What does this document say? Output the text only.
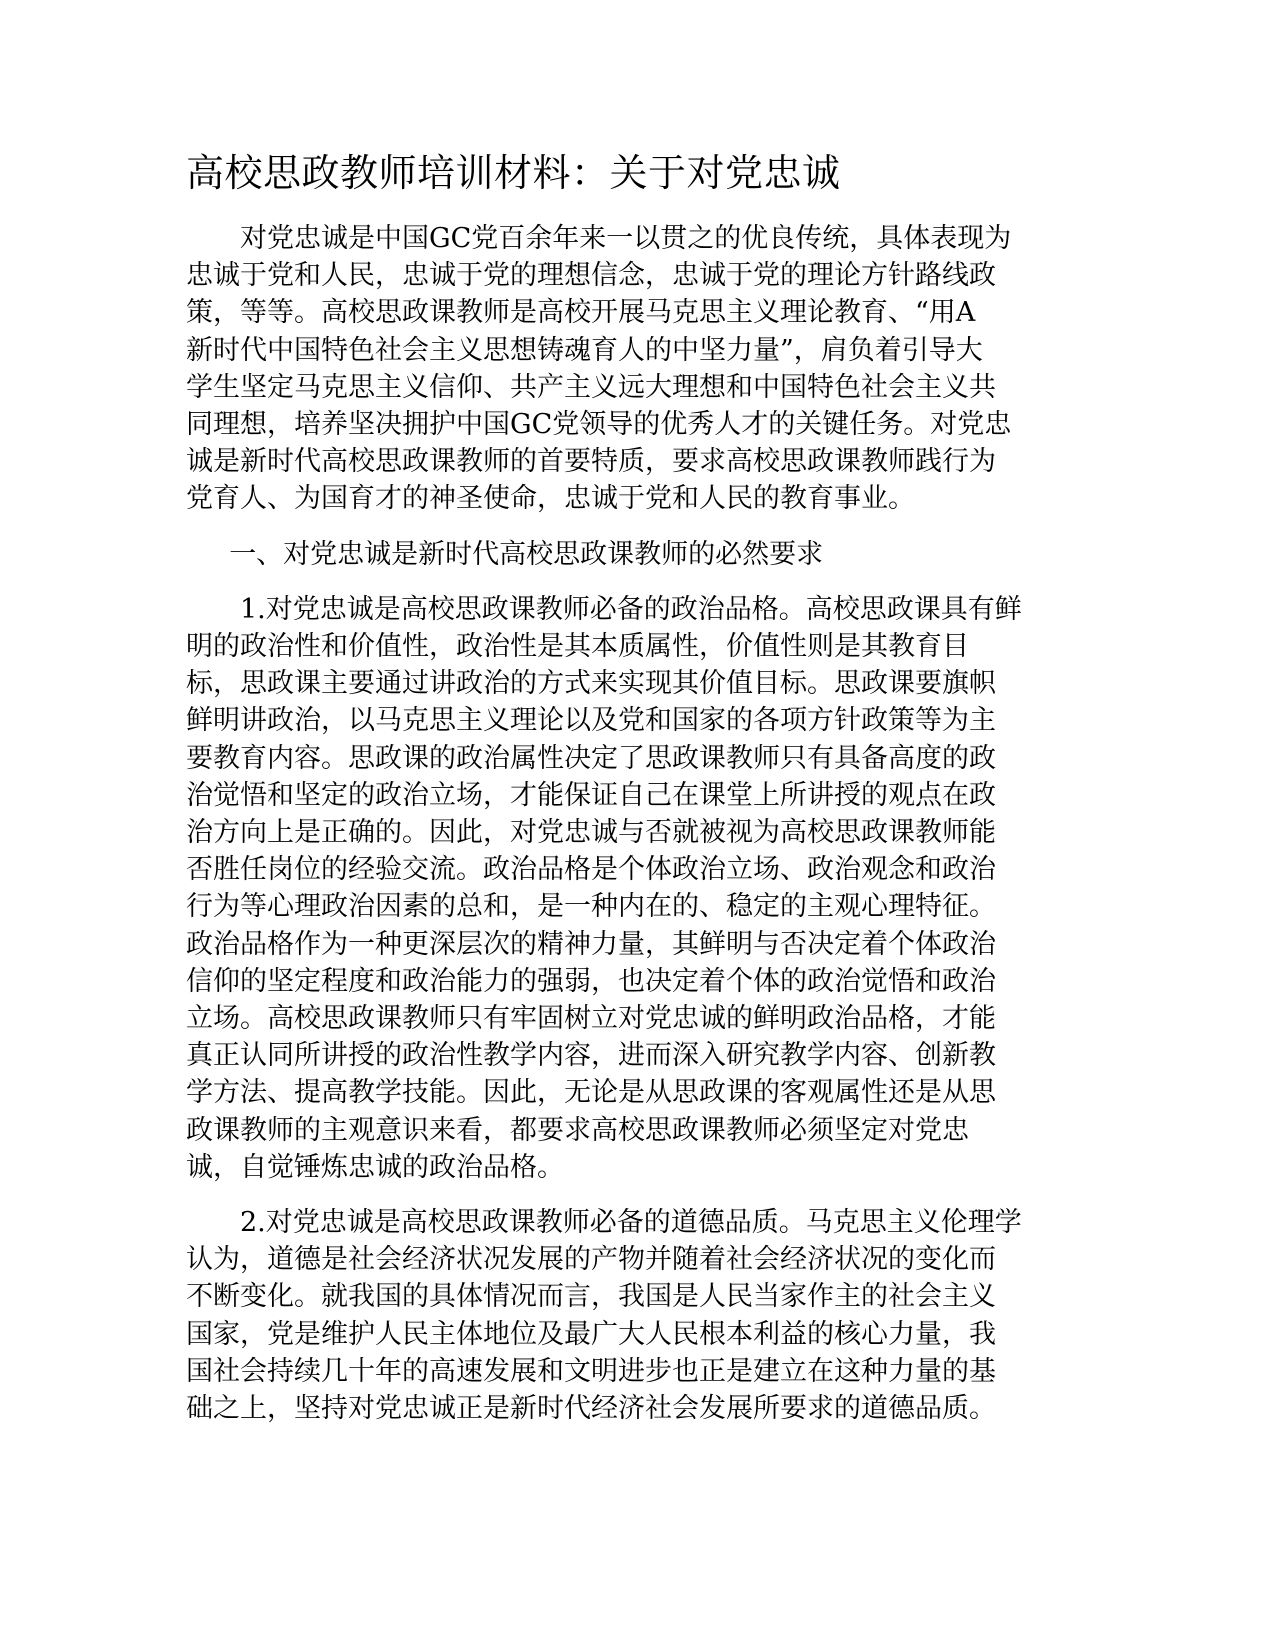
高校思政教师培训材料：关于对党忠诚

对党忠诚是中国GC党百余年来一以贯之的优良传统，具体表现为
忠诚于党和人民，忠诚于党的理想信念，忠诚于党的理论方针路线政
策，等等。高校思政课教师是高校开展马克思主义理论教育、“用A
新时代中国特色社会主义思想铸魂育人的中坚力量”，肩负着引导大
学生坚定马克思主义信仰、共产主义远大理想和中国特色社会主义共
同理想，培养坚决拥护中国GC党领导的优秀人才的关键任务。对党忠
诚是新时代高校思政课教师的首要特质，要求高校思政课教师践行为
党育人、为国育才的神圣使命，忠诚于党和人民的教育事业。

一、对党忠诚是新时代高校思政课教师的必然要求

1.对党忠诚是高校思政课教师必备的政治品格。高校思政课具有鲜
明的政治性和价值性，政治性是其本质属性，价值性则是其教育目
标，思政课主要通过讲政治的方式来实现其价值目标。思政课要旗帜
鲜明讲政治，以马克思主义理论以及党和国家的各项方针政策等为主
要教育内容。思政课的政治属性决定了思政课教师只有具备高度的政
治觉悟和坚定的政治立场，才能保证自己在课堂上所讲授的观点在政
治方向上是正确的。因此，对党忠诚与否就被视为高校思政课教师能
否胜任岗位的经验交流。政治品格是个体政治立场、政治观念和政治
行为等心理政治因素的总和，是一种内在的、稳定的主观心理特征。
政治品格作为一种更深层次的精神力量，其鲜明与否决定着个体政治
信仰的坚定程度和政治能力的强弱，也决定着个体的政治觉悟和政治
立场。高校思政课教师只有牢固树立对党忠诚的鲜明政治品格，才能
真正认同所讲授的政治性教学内容，进而深入研究教学内容、创新教
学方法、提高教学技能。因此，无论是从思政课的客观属性还是从思
政课教师的主观意识来看，都要求高校思政课教师必须坚定对党忠
诚，自觉锤炼忠诚的政治品格。

2.对党忠诚是高校思政课教师必备的道德品质。马克思主义伦理学
认为，道德是社会经济状况发展的产物并随着社会经济状况的变化而
不断变化。就我国的具体情况而言，我国是人民当家作主的社会主义
国家，党是维护人民主体地位及最广大人民根本利益的核心力量，我
国社会持续几十年的高速发展和文明进步也正是建立在这种力量的基
础之上，坚持对党忠诚正是新时代经济社会发展所要求的道德品质。
